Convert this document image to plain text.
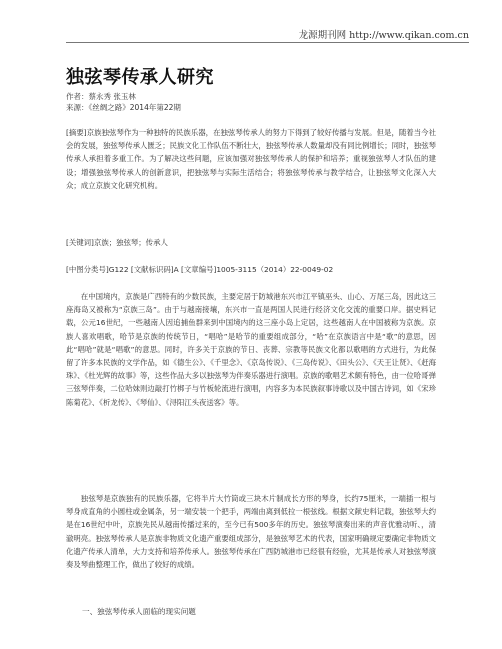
龙源期刊网 http://www.qikan.com.cn
独弦琴传承人研究
作者：蔡永秀 张玉林
来源：《丝绸之路》2014年第22期
[摘要]京族独弦琴作为一种独特的民族乐器，在独弦琴传承人的努力下得到了较好传播与发展。但是，随着当今社会的发展，独弦琴传承人匮乏；民族文化工作队伍不断壮大，独弦琴传承人数量却没有同比例增长；同时，独弦琴传承人承担着多重工作。为了解决这些问题，应该加强对独弦琴传承人的保护和培养；重视独弦琴人才队伍的建设；增强独弦琴传承人的创新意识，把独弦琴与实际生活结合；将独弦琴传承与教学结合，让独弦琴文化深入大众；成立京族文化研究机构。
[关键词]京族；独弦琴；传承人
[中图分类号]G122 [文献标识码]A [文章编号]1005-3115（2014）22-0049-02
在中国境内，京族是广西特有的少数民族，主要定居于防城港东兴市江平镇巫头、山心、万尾三岛，因此这三座海岛又被称为“京族三岛”。由于与越南接壤，东兴市一直是两国人民进行经济文化交流的重要口岸。据史料记载，公元16世纪，一些越南人因追捕鱼群来到中国境内的这三座小岛上定居，这些越南人在中国被称为京族。京族人喜欢唱歌，哈节是京族的传统节日，“唱哈”是哈节的重要组成部分，“哈”在京族语言中是“歌”的意思，因此“唱哈”就是“唱歌”的意思。同时，许多关于京族的节日、丧葬、宗教等民族文化都以歌唱的方式进行，为此保留了许多本民族的文学作品，如《德生公》、《千里念》、《京岛传说》、《三岛传说》、《田头公》、《天王让贤》、《赶海珠》、《杜光辉的故事》等，这些作品大多以独弦琴为伴奏乐器进行演唱。京族的歌唱艺术颇有特色，由一位哈哥弹三弦琴伴奏，二位哈妹则边敲打竹梆子与竹板轮流进行演唱，内容多为本民族叙事诗歌以及中国古诗词，如《宋珍 陈菊花》、《析龙传》、《琴仙》、《浔阳江头夜送客》等。
独弦琴是京族独有的民族乐器，它将半片大竹筒或三块木片制成长方形的琴身，长约75厘米，一端插一根与琴身成直角的小圆柱或金属条，另一端安装一个把手，两端由离到低拉一根弦线。根据文献史料记载，独弦琴大约是在16世纪中叶，京族先民从越南传播过来的，至今已有500多年的历史。独弦琴演奏出来的声音优雅动听、，清澈明亮。独弦琴传承人是京族非物质文化遗产重要组成部分，是独弦琴艺术的代表，国家明确规定要确定非物质文化遗产传承人清单，大力支持和培养传承人。独弦琴传承在广西防城港市已经很有经验，尤其是传承人对独弦琴演奏及琴曲整理工作，做出了较好的成绩。
一、独弦琴传承人面临的现实问题
